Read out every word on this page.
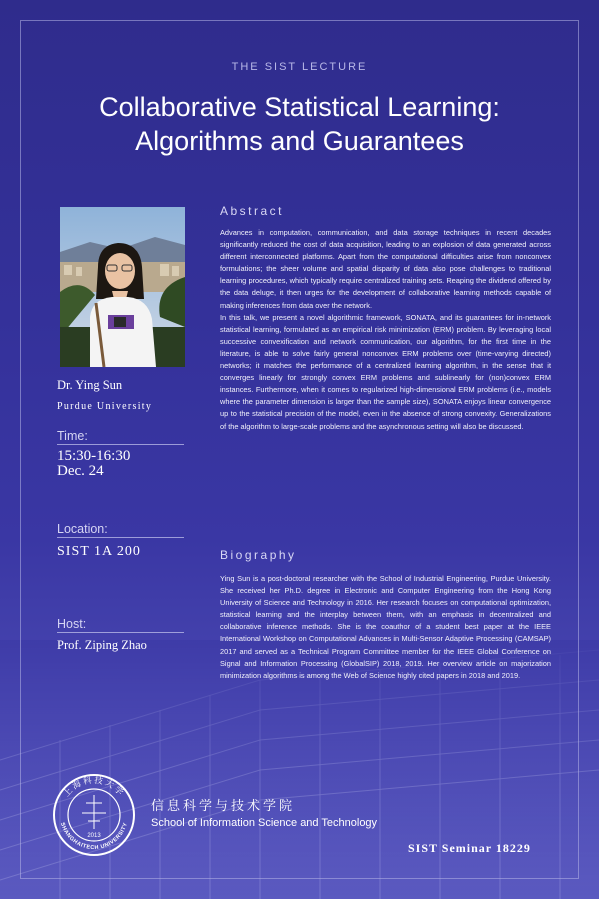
THE SIST LECTURE
Collaborative Statistical Learning:
Algorithms and Guarantees
Dr. Ying Sun
Purdue University
Time:
15:30-16:30
Dec. 24
Location:
SIST 1A 200
Host:
Prof. Ziping Zhao
Abstract

Advances in computation, communication, and data storage techniques in recent decades significantly reduced the cost of data acquisition, leading to an explosion of data generated across different interconnected platforms. Apart from the computational difficulties arise from nonconvex formulations; the sheer volume and spatial disparity of data also pose challenges to traditional learning procedures, which typically require centralized training sets. Reaping the dividend offered by the data deluge, it then urges for the development of collaborative learning methods capable of making inferences from data over the network.

In this talk, we present a novel algorithmic framework, SONATA, and its guarantees for in-network statistical learning, formulated as an empirical risk minimization (ERM) problem. By leveraging local successive convexification and network communication, our algorithm, for the first time in the literature, is able to solve fairly general nonconvex ERM problems over (time-varying directed) networks; it matches the performance of a centralized learning algorithm, in the sense that it converges linearly for strongly convex ERM problems and sublinearly for (non)convex ERM instances. Furthermore, when it comes to regularized high-dimensional ERM problems (i.e., models where the parameter dimension is larger than the sample size), SONATA enjoys linear convergence up to the statistical precision of the model, even in the absence of strong convexity. Generalizations of the algorithm to large-scale problems and the asynchronous setting will also be discussed.

Biography

Ying Sun is a post-doctoral researcher with the School of Industrial Engineering, Purdue University. She received her Ph.D. degree in Electronic and Computer Engineering from the Hong Kong University of Science and Technology in 2016. Her research focuses on computational optimization, statistical learning and the interplay between them, with an emphasis in decentralized and collaborative inference methods. She is the coauthor of a student best paper at the IEEE International Workshop on Computational Advances in Multi-Sensor Adaptive Processing (CAMSAP) 2017 and served as a Technical Program Committee member for the IEEE Global Conference on Signal and Information Processing (GlobalSIP) 2018, 2019. Her overview article on majorization minimization algorithms is among the Web of Science highly cited papers in 2018 and 2019.

上海科技大学
SHANGHAITECH UNIVERSITY
2013
信息科学与技术学院
School of Information Science and Technology
SIST Seminar 18229
